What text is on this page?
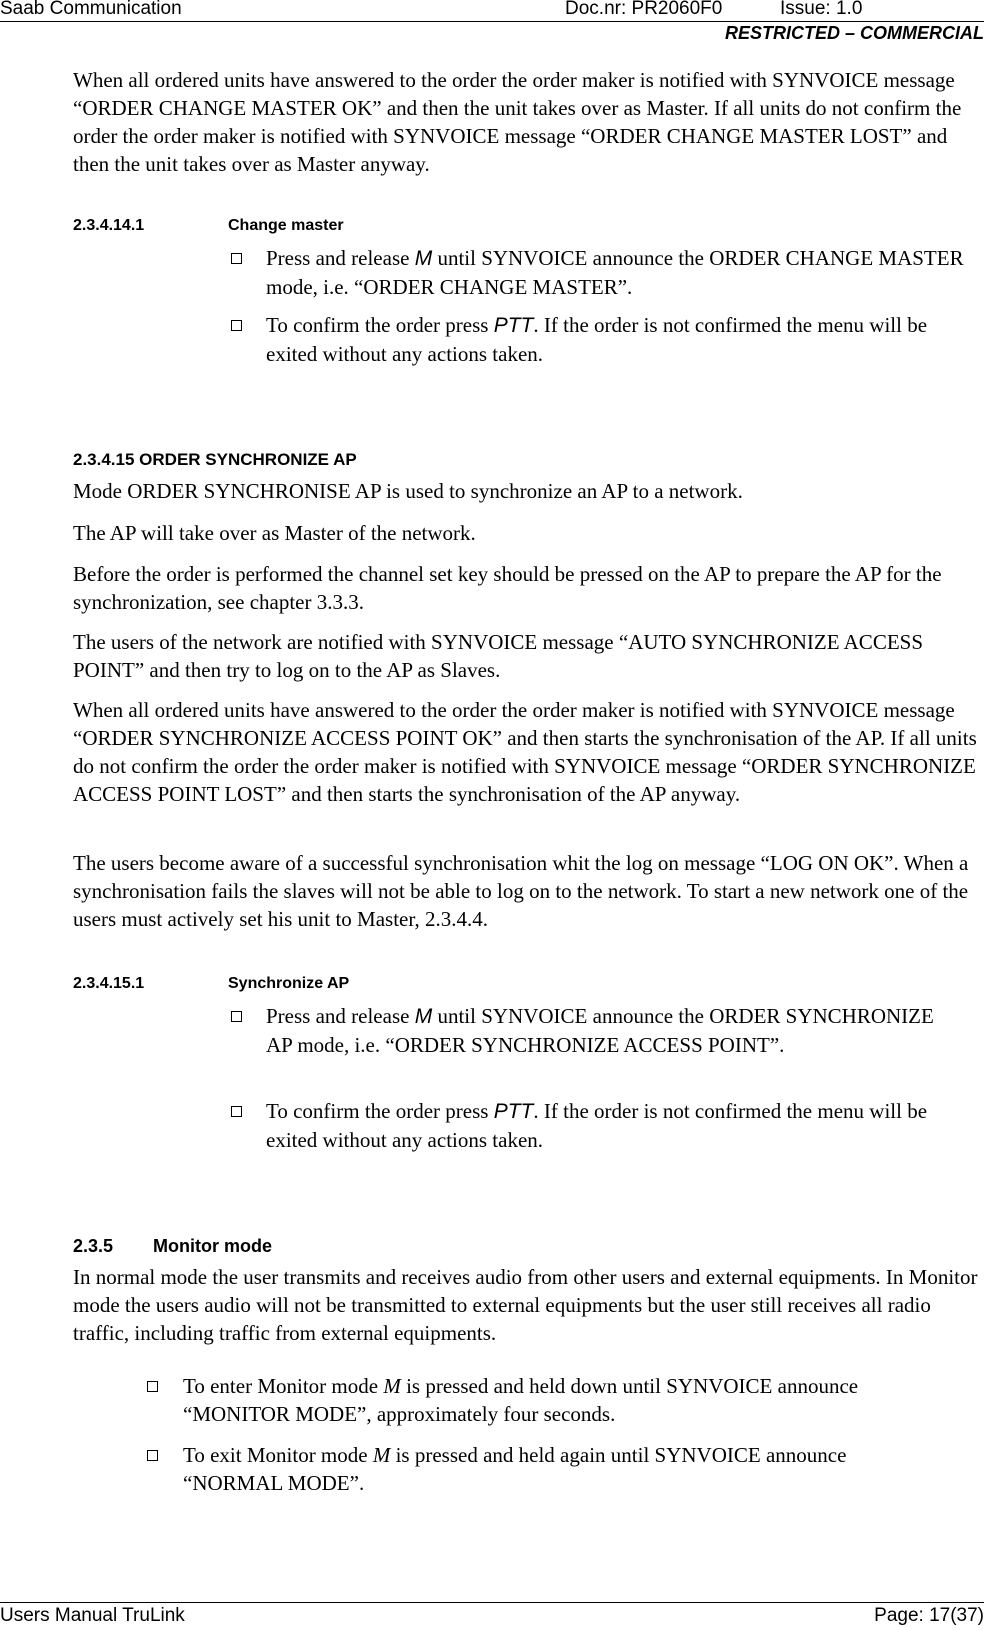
Saab Communication	Doc.nr: PR2060F0	Issue: 1.0
RESTRICTED – COMMERCIAL
When all ordered units have answered to the order the order maker is notified with SYNVOICE message “ORDER CHANGE MASTER OK” and then the unit takes over as Master. If all units do not confirm the order the order maker is notified with SYNVOICE message “ORDER CHANGE MASTER LOST” and then the unit takes over as Master anyway.
2.3.4.14.1	Change master
Press and release M until SYNVOICE announce the ORDER CHANGE MASTER mode, i.e. “ORDER CHANGE MASTER”.
To confirm the order press PTT. If the order is not confirmed the menu will be exited without any actions taken.
2.3.4.15 ORDER SYNCHRONIZE AP
Mode ORDER SYNCHRONISE AP is used to synchronize an AP to a network.
The AP will take over as Master of the network.
Before the order is performed the channel set key should be pressed on the AP to prepare the AP for the synchronization, see chapter 3.3.3.
The users of the network are notified with SYNVOICE message “AUTO SYNCHRONIZE ACCESS POINT” and then try to log on to the AP as Slaves.
When all ordered units have answered to the order the order maker is notified with SYNVOICE message “ORDER SYNCHRONIZE ACCESS POINT OK” and then starts the synchronisation of the AP. If all units do not confirm the order the order maker is notified with SYNVOICE message “ORDER SYNCHRONIZE ACCESS POINT LOST” and then starts the synchronisation of the AP anyway.
The users become aware of a successful synchronisation whit the log on message “LOG ON OK”. When a synchronisation fails the slaves will not be able to log on to the network. To start a new network one of the users must actively set his unit to Master, 2.3.4.4.
2.3.4.15.1	Synchronize AP
Press and release M until SYNVOICE announce the ORDER SYNCHRONIZE AP mode, i.e. “ORDER SYNCHRONIZE ACCESS POINT”.
To confirm the order press PTT. If the order is not confirmed the menu will be exited without any actions taken.
2.3.5 Monitor mode
In normal mode the user transmits and receives audio from other users and external equipments. In Monitor mode the users audio will not be transmitted to external equipments but the user still receives all radio traffic, including traffic from external equipments.
To enter Monitor mode M is pressed and held down until SYNVOICE announce “MONITOR MODE”, approximately four seconds.
To exit Monitor mode M is pressed and held again until SYNVOICE announce “NORMAL MODE”.
Users Manual TruLink	Page: 17(37)
